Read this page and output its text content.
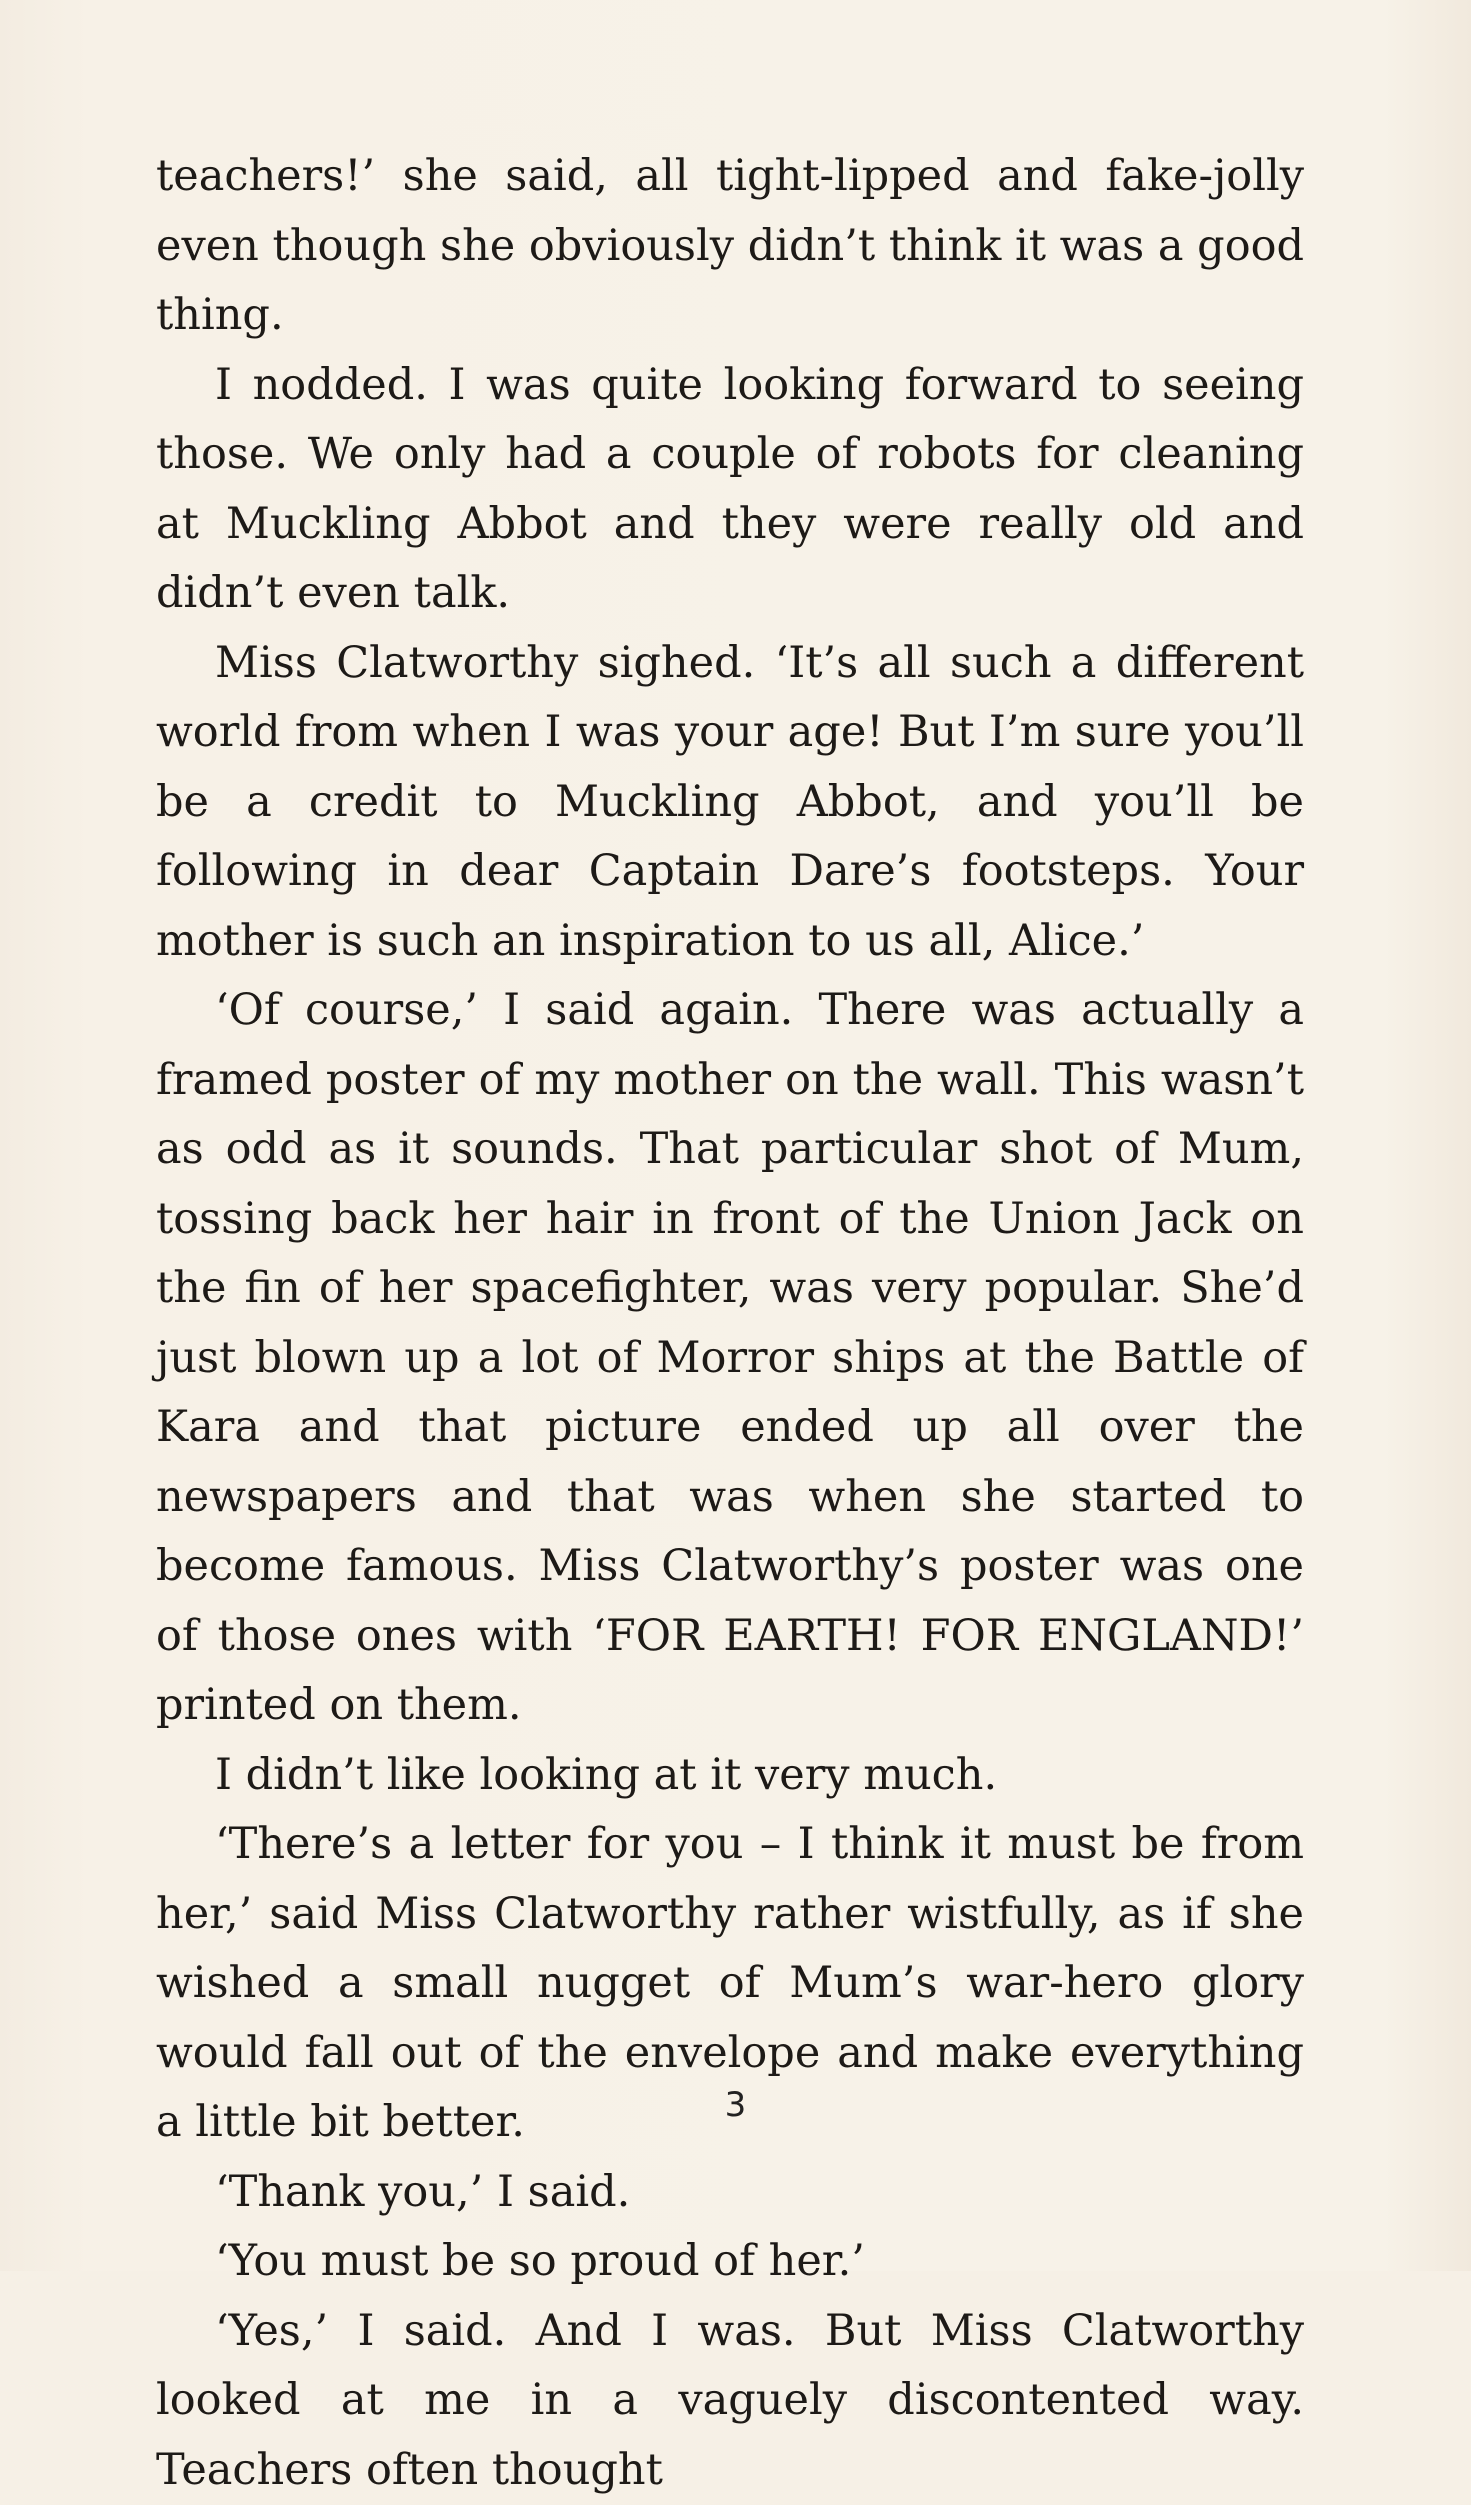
teachers!’ she said, all tight-lipped and fake-jolly even though she obviously didn’t think it was a good thing.

I nodded. I was quite looking forward to seeing those. We only had a couple of robots for cleaning at Muckling Abbot and they were really old and didn’t even talk.

Miss Clatworthy sighed. ‘It’s all such a different world from when I was your age! But I’m sure you’ll be a credit to Muckling Abbot, and you’ll be following in dear Captain Dare’s footsteps. Your mother is such an inspiration to us all, Alice.’

‘Of course,’ I said again. There was actually a framed poster of my mother on the wall. This wasn’t as odd as it sounds. That particular shot of Mum, tossing back her hair in front of the Union Jack on the fin of her spacefighter, was very popular. She’d just blown up a lot of Morror ships at the Battle of Kara and that picture ended up all over the newspapers and that was when she started to become famous. Miss Clatworthy’s poster was one of those ones with ‘FOR EARTH! FOR ENGLAND!’ printed on them.

I didn’t like looking at it very much.

‘There’s a letter for you – I think it must be from her,’ said Miss Clatworthy rather wistfully, as if she wished a small nugget of Mum’s war-hero glory would fall out of the envelope and make everything a little bit better.

‘Thank you,’ I said.

‘You must be so proud of her.’

‘Yes,’ I said. And I was. But Miss Clatworthy looked at me in a vaguely discontented way. Teachers often thought

3
